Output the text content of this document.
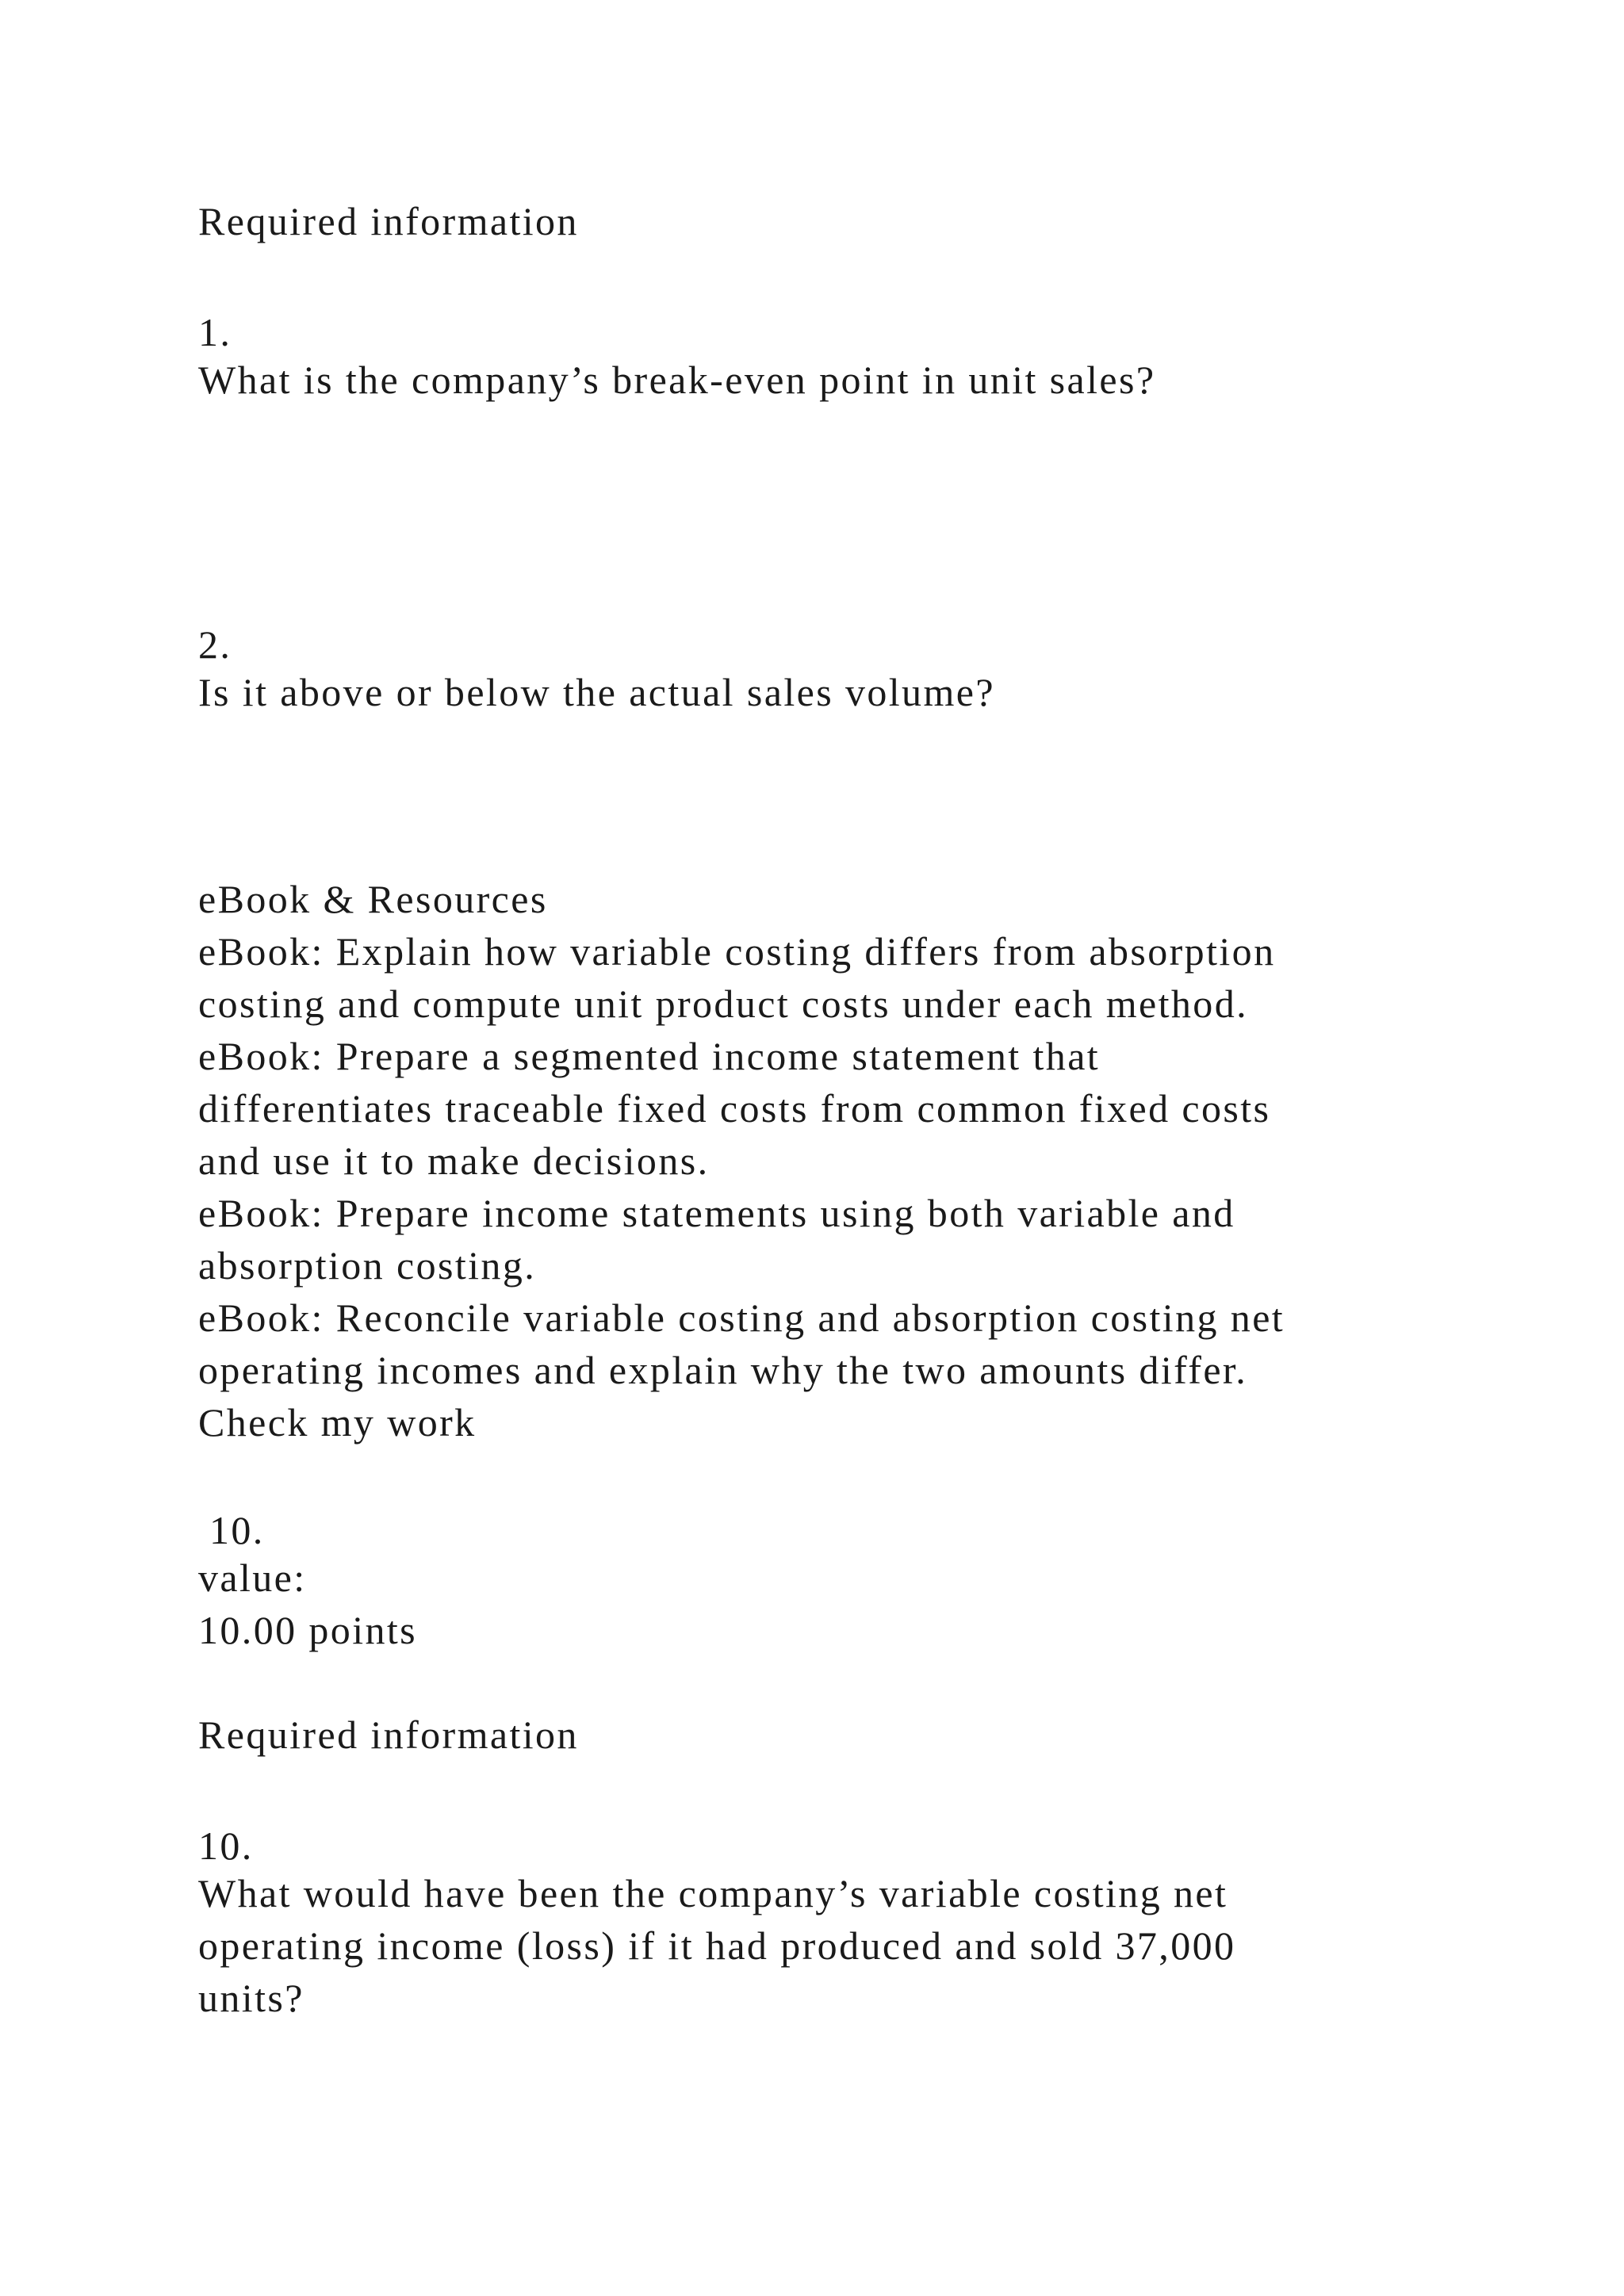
Required information

1.

What is the company’s break-even point in unit sales?

2.

Is it above or below the actual sales volume?

eBook & Resources

eBook: Explain how variable costing differs from absorption

costing and compute unit product costs under each method.

eBook: Prepare a segmented income statement that

differentiates traceable fixed costs from common fixed costs

and use it to make decisions.

eBook: Prepare income statements using both variable and

absorption costing.

eBook: Reconcile variable costing and absorption costing net

operating incomes and explain why the two amounts differ.

Check my work

10.

value:

10.00 points

Required information

10.

What would have been the company’s variable costing net

operating income (loss) if it had produced and sold 37,000

units?
